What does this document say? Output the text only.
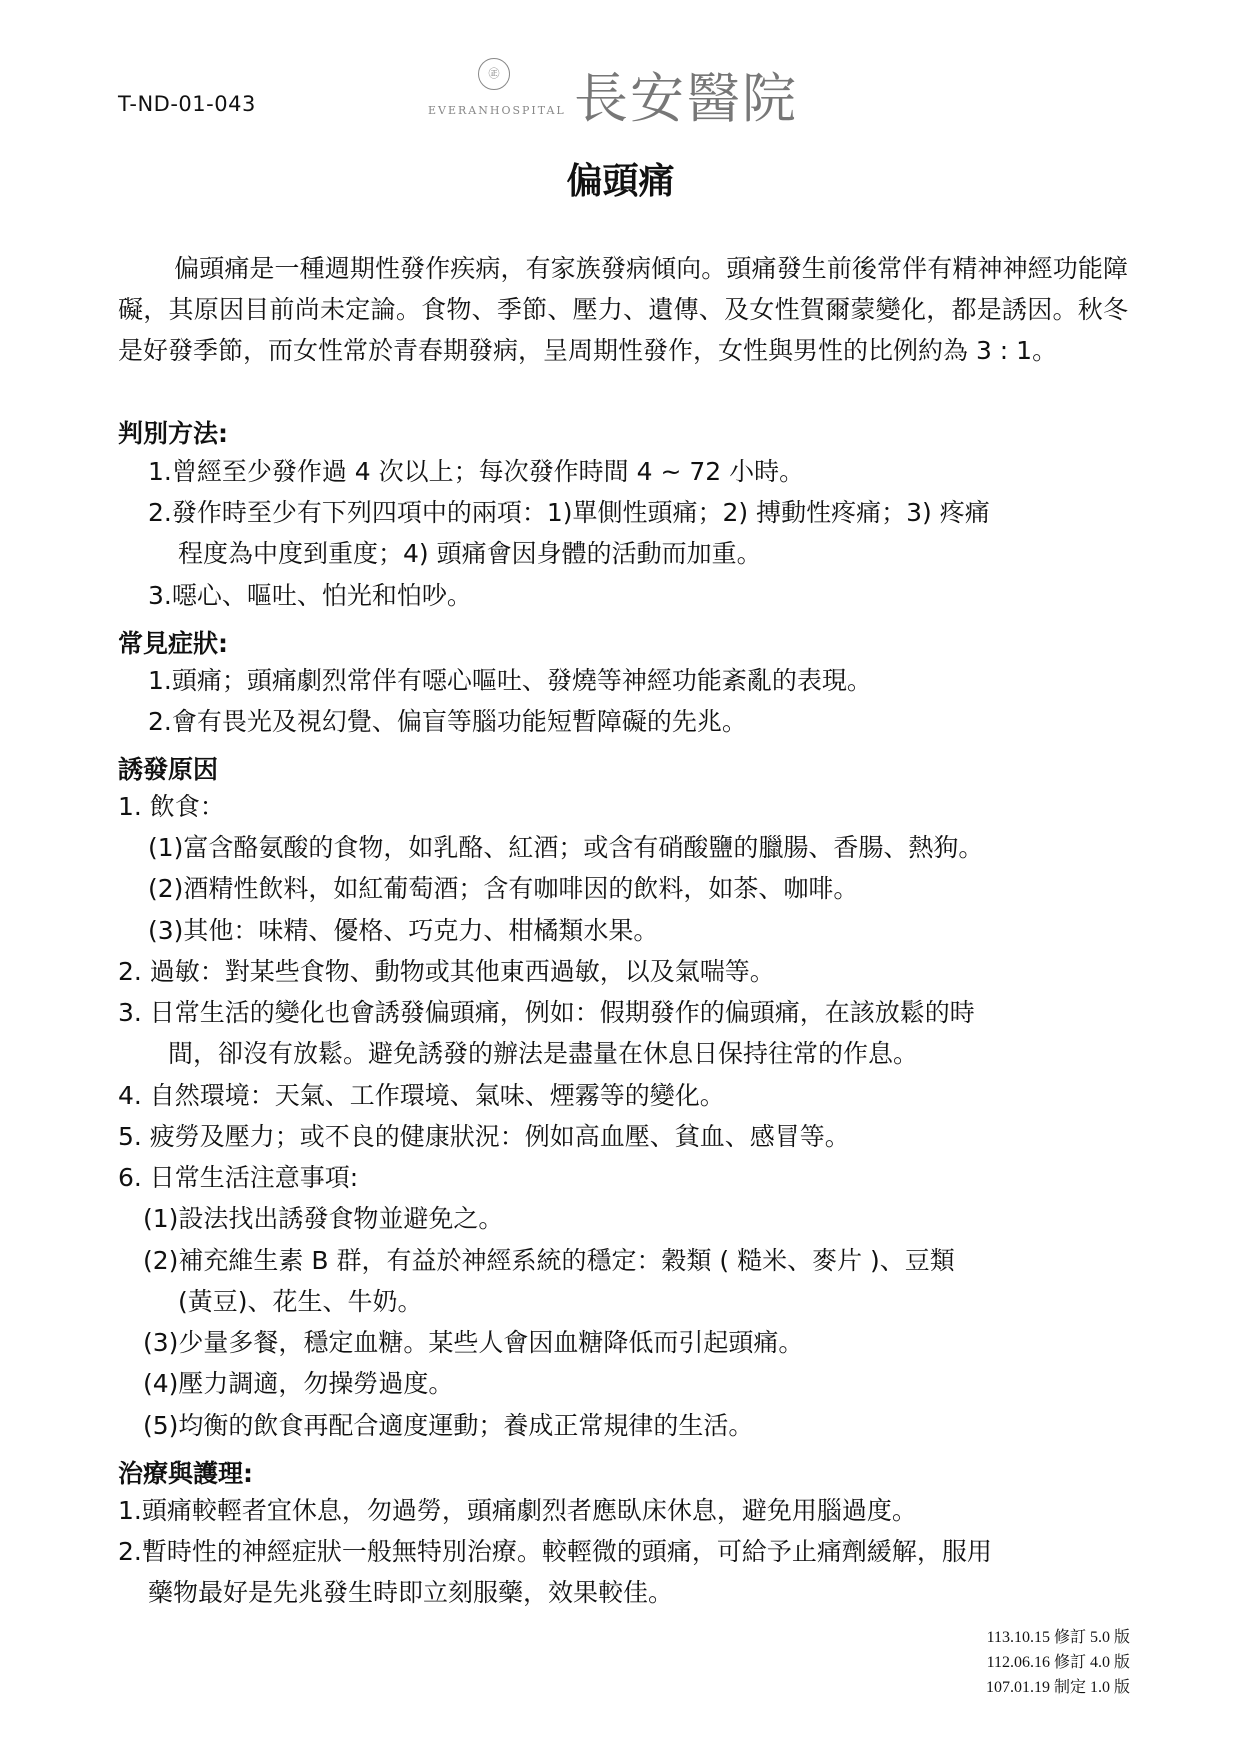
T-ND-01-043
㊣
EVERANHOSPITAL 長安醫院
偏頭痛
偏頭痛是一種週期性發作疾病，有家族發病傾向。頭痛發生前後常伴有精神神經功能障礙，其原因目前尚未定論。食物、季節、壓力、遺傳、及女性賀爾蒙變化，都是誘因。秋冬是好發季節，而女性常於青春期發病，呈周期性發作，女性與男性的比例約為 3 : 1。
判別方法:
1.曾經至少發作過 4 次以上；每次發作時間 4 ~ 72 小時。
2.發作時至少有下列四項中的兩項：1)單側性頭痛；2) 搏動性疼痛；3) 疼痛
程度為中度到重度；4) 頭痛會因身體的活動而加重。
3.噁心、嘔吐、怕光和怕吵。
常見症狀:
1.頭痛；頭痛劇烈常伴有噁心嘔吐、發燒等神經功能紊亂的表現。
2.會有畏光及視幻覺、偏盲等腦功能短暫障礙的先兆。
誘發原因
1. 飲食：
(1)富含酪氨酸的食物，如乳酪、紅酒；或含有硝酸鹽的臘腸、香腸、熱狗。
(2)酒精性飲料，如紅葡萄酒；含有咖啡因的飲料，如茶、咖啡。
(3)其他：味精、優格、巧克力、柑橘類水果。
2. 過敏：對某些食物、動物或其他東西過敏，以及氣喘等。
3. 日常生活的變化也會誘發偏頭痛，例如：假期發作的偏頭痛，在該放鬆的時
間，卻沒有放鬆。避免誘發的辦法是盡量在休息日保持往常的作息。
4. 自然環境：天氣、工作環境、氣味、煙霧等的變化。
5. 疲勞及壓力；或不良的健康狀況：例如高血壓、貧血、感冒等。
6. 日常生活注意事項:
(1)設法找出誘發食物並避免之。
(2)補充維生素 B 群，有益於神經系統的穩定：穀類 ( 糙米、麥片 )、豆類
(黃豆)、花生、牛奶。
(3)少量多餐，穩定血糖。某些人會因血糖降低而引起頭痛。
(4)壓力調適，勿操勞過度。
(5)均衡的飲食再配合適度運動；養成正常規律的生活。
治療與護理:
1.頭痛較輕者宜休息，勿過勞，頭痛劇烈者應臥床休息，避免用腦過度。
2.暫時性的神經症狀一般無特別治療。較輕微的頭痛，可給予止痛劑緩解，服用
藥物最好是先兆發生時即立刻服藥，效果較佳。
113.10.15 修訂 5.0 版
112.06.16 修訂 4.0 版
107.01.19 制定 1.0 版
